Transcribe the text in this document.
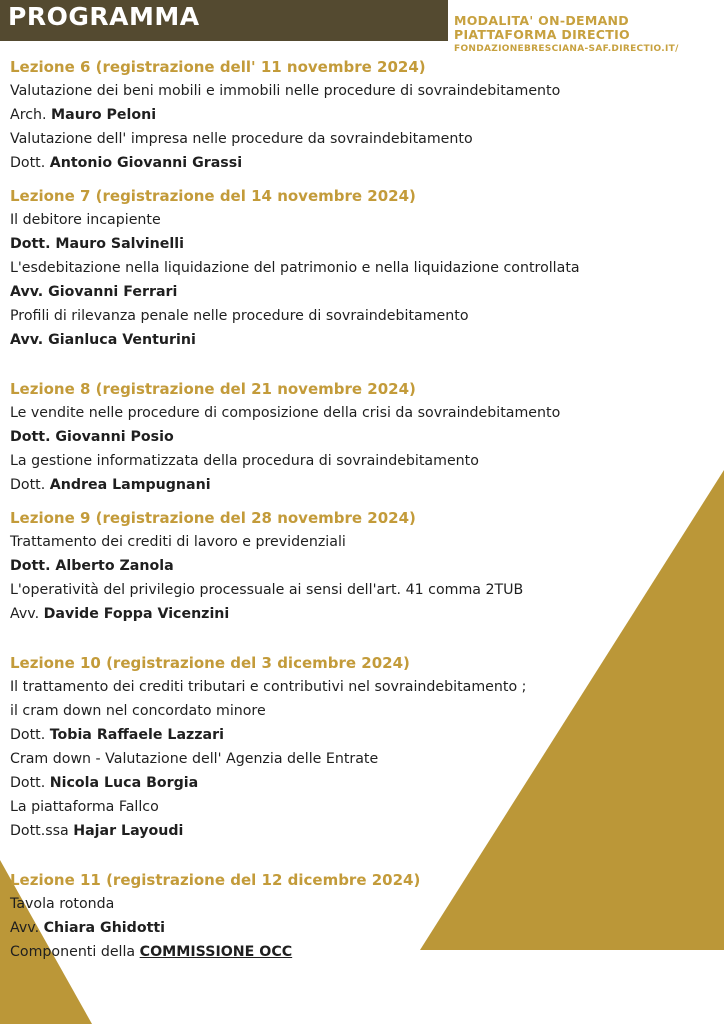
PROGRAMMA	MODALITA' ON-DEMAND
PIATTAFORMA DIRECTIO
FONDAZIONEBRESCIANA-SAF.DIRECTIO.IT/
Lezione 6 (registrazione dell' 11 novembre 2024)
Valutazione dei beni mobili e immobili nelle procedure di sovraindebitamento
Arch. Mauro Peloni
Valutazione dell' impresa nelle procedure da sovraindebitamento
Dott. Antonio Giovanni Grassi
Lezione 7 (registrazione del 14 novembre 2024)
Il debitore incapiente
Dott. Mauro Salvinelli
L'esdebitazione nella liquidazione del patrimonio e nella liquidazione controllata
Avv. Giovanni Ferrari
Profili di rilevanza penale nelle procedure di sovraindebitamento
Avv. Gianluca Venturini
Lezione 8 (registrazione del 21 novembre 2024)
Le vendite nelle procedure di composizione della crisi da sovraindebitamento
Dott. Giovanni Posio
La gestione informatizzata della procedura di sovraindebitamento
Dott. Andrea Lampugnani
Lezione 9 (registrazione del 28 novembre 2024)
Trattamento dei crediti di lavoro e previdenziali
Dott. Alberto Zanola
L'operatività del privilegio processuale ai sensi dell'art. 41 comma 2TUB
Avv. Davide Foppa Vicenzini
Lezione 10 (registrazione del 3 dicembre 2024)
Il trattamento dei crediti tributari e contributivi nel sovraindebitamento ;
il cram down nel concordato minore
Dott. Tobia Raffaele Lazzari
Cram down - Valutazione dell' Agenzia delle Entrate
Dott. Nicola Luca Borgia
La piattaforma Fallco
Dott.ssa Hajar Layoudi
Lezione 11 (registrazione del 12 dicembre 2024)
Tavola rotonda
Avv. Chiara Ghidotti
Componenti della COMMISSIONE OCC
